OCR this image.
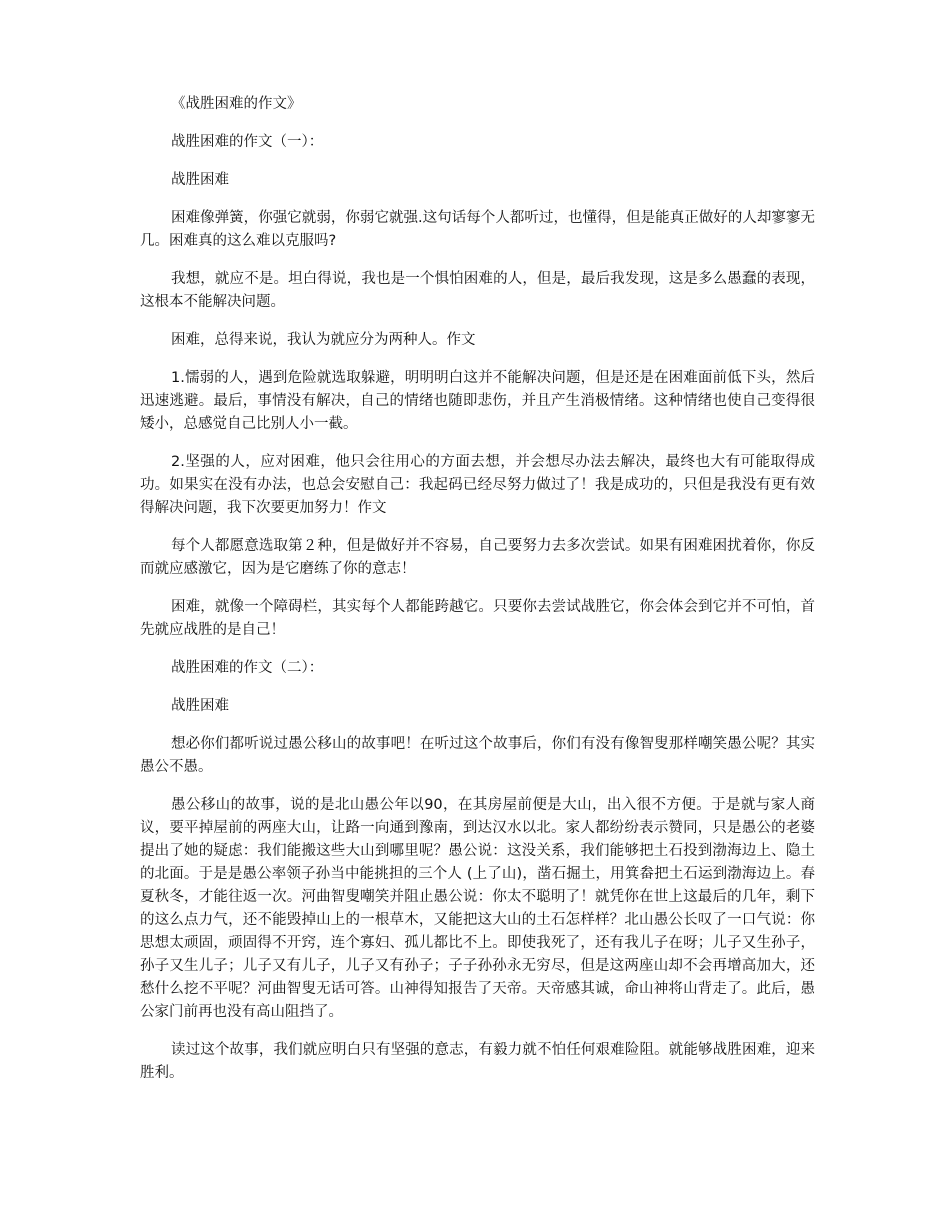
《战胜困难的作文》

战胜困难的作文（一）：

战胜困难

困难像弹簧，你强它就弱，你弱它就强.这句话每个人都听过，也懂得，但是能真正做好的人却寥寥无几。困难真的这么难以克服吗?

我想，就应不是。坦白得说，我也是一个惧怕困难的人，但是，最后我发现，这是多么愚蠢的表现，这根本不能解决问题。

困难，总得来说，我认为就应分为两种人。作文

1.懦弱的人，遇到危险就选取躲避，明明明白这并不能解决问题，但是还是在困难面前低下头，然后迅速逃避。最后，事情没有解决，自己的情绪也随即悲伤，并且产生消极情绪。这种情绪也使自己变得很矮小，总感觉自己比别人小一截。

2.坚强的人，应对困难，他只会往用心的方面去想，并会想尽办法去解决，最终也大有可能取得成功。如果实在没有办法，也总会安慰自己：我起码已经尽努力做过了！我是成功的，只但是我没有更有效得解决问题，我下次要更加努力！作文

每个人都愿意选取第２种，但是做好并不容易，自己要努力去多次尝试。如果有困难困扰着你，你反而就应感激它，因为是它磨练了你的意志！

困难，就像一个障碍栏，其实每个人都能跨越它。只要你去尝试战胜它，你会体会到它并不可怕，首先就应战胜的是自己！

战胜困难的作文（二）：

战胜困难

想必你们都听说过愚公移山的故事吧！在听过这个故事后，你们有没有像智叟那样嘲笑愚公呢？其实愚公不愚。

愚公移山的故事，说的是北山愚公年以90，在其房屋前便是大山，出入很不方便。于是就与家人商议，要平掉屋前的两座大山，让路一向通到豫南，到达汉水以北。家人都纷纷表示赞同，只是愚公的老婆提出了她的疑虑：我们能搬这些大山到哪里呢？愚公说：这没关系，我们能够把土石投到渤海边上、隐土的北面。于是是愚公率领子孙当中能挑担的三个人 (上了山)，凿石掘土，用箕畚把土石运到渤海边上。春夏秋冬，才能往返一次。河曲智叟嘲笑并阻止愚公说：你太不聪明了！就凭你在世上这最后的几年，剩下的这么点力气，还不能毁掉山上的一根草木，又能把这大山的土石怎样样？北山愚公长叹了一口气说：你思想太顽固，顽固得不开窍，连个寡妇、孤儿都比不上。即使我死了，还有我儿子在呀；儿子又生孙子，孙子又生儿子；儿子又有儿子，儿子又有孙子；子子孙孙永无穷尽，但是这两座山却不会再增高加大，还愁什么挖不平呢？河曲智叟无话可答。山神得知报告了天帝。天帝感其诚，命山神将山背走了。此后，愚公家门前再也没有高山阻挡了。

读过这个故事，我们就应明白只有坚强的意志，有毅力就不怕任何艰难险阻。就能够战胜困难，迎来胜利。
